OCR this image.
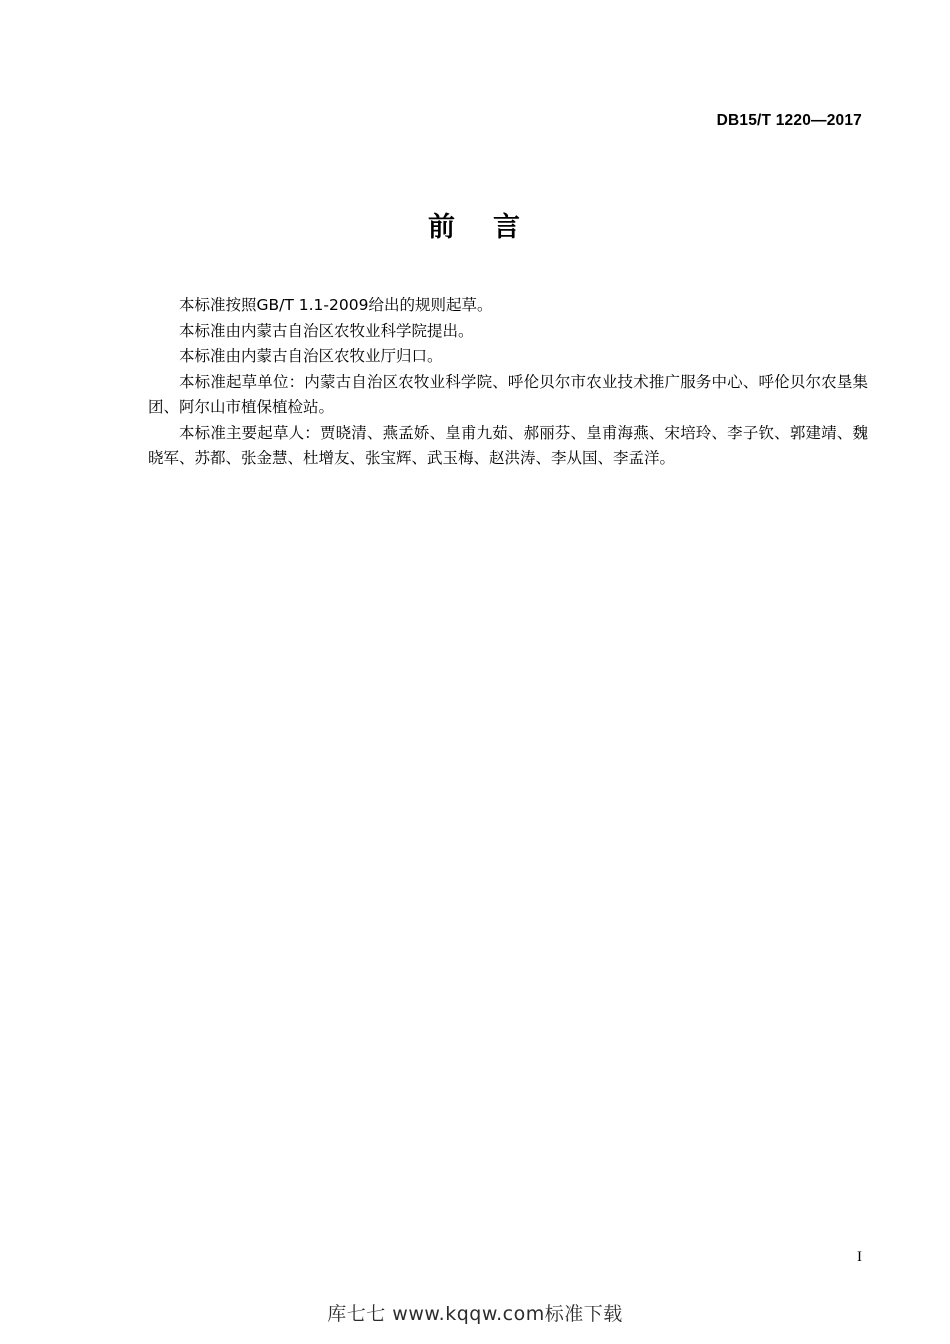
DB15/T 1220—2017
前 言

本标准按照GB/T 1.1-2009给出的规则起草。

本标准由内蒙古自治区农牧业科学院提出。

本标准由内蒙古自治区农牧业厅归口。

本标准起草单位：内蒙古自治区农牧业科学院、呼伦贝尔市农业技术推广服务中心、呼伦贝尔农垦集团、阿尔山市植保植检站。

本标准主要起草人：贾晓清、燕孟娇、皇甫九茹、郝丽芬、皇甫海燕、宋培玲、李子钦、郭建靖、魏晓军、苏都、张金慧、杜增友、张宝辉、武玉梅、赵洪涛、李从国、李孟洋。

I
库七七 www.kqqw.com标准下载
